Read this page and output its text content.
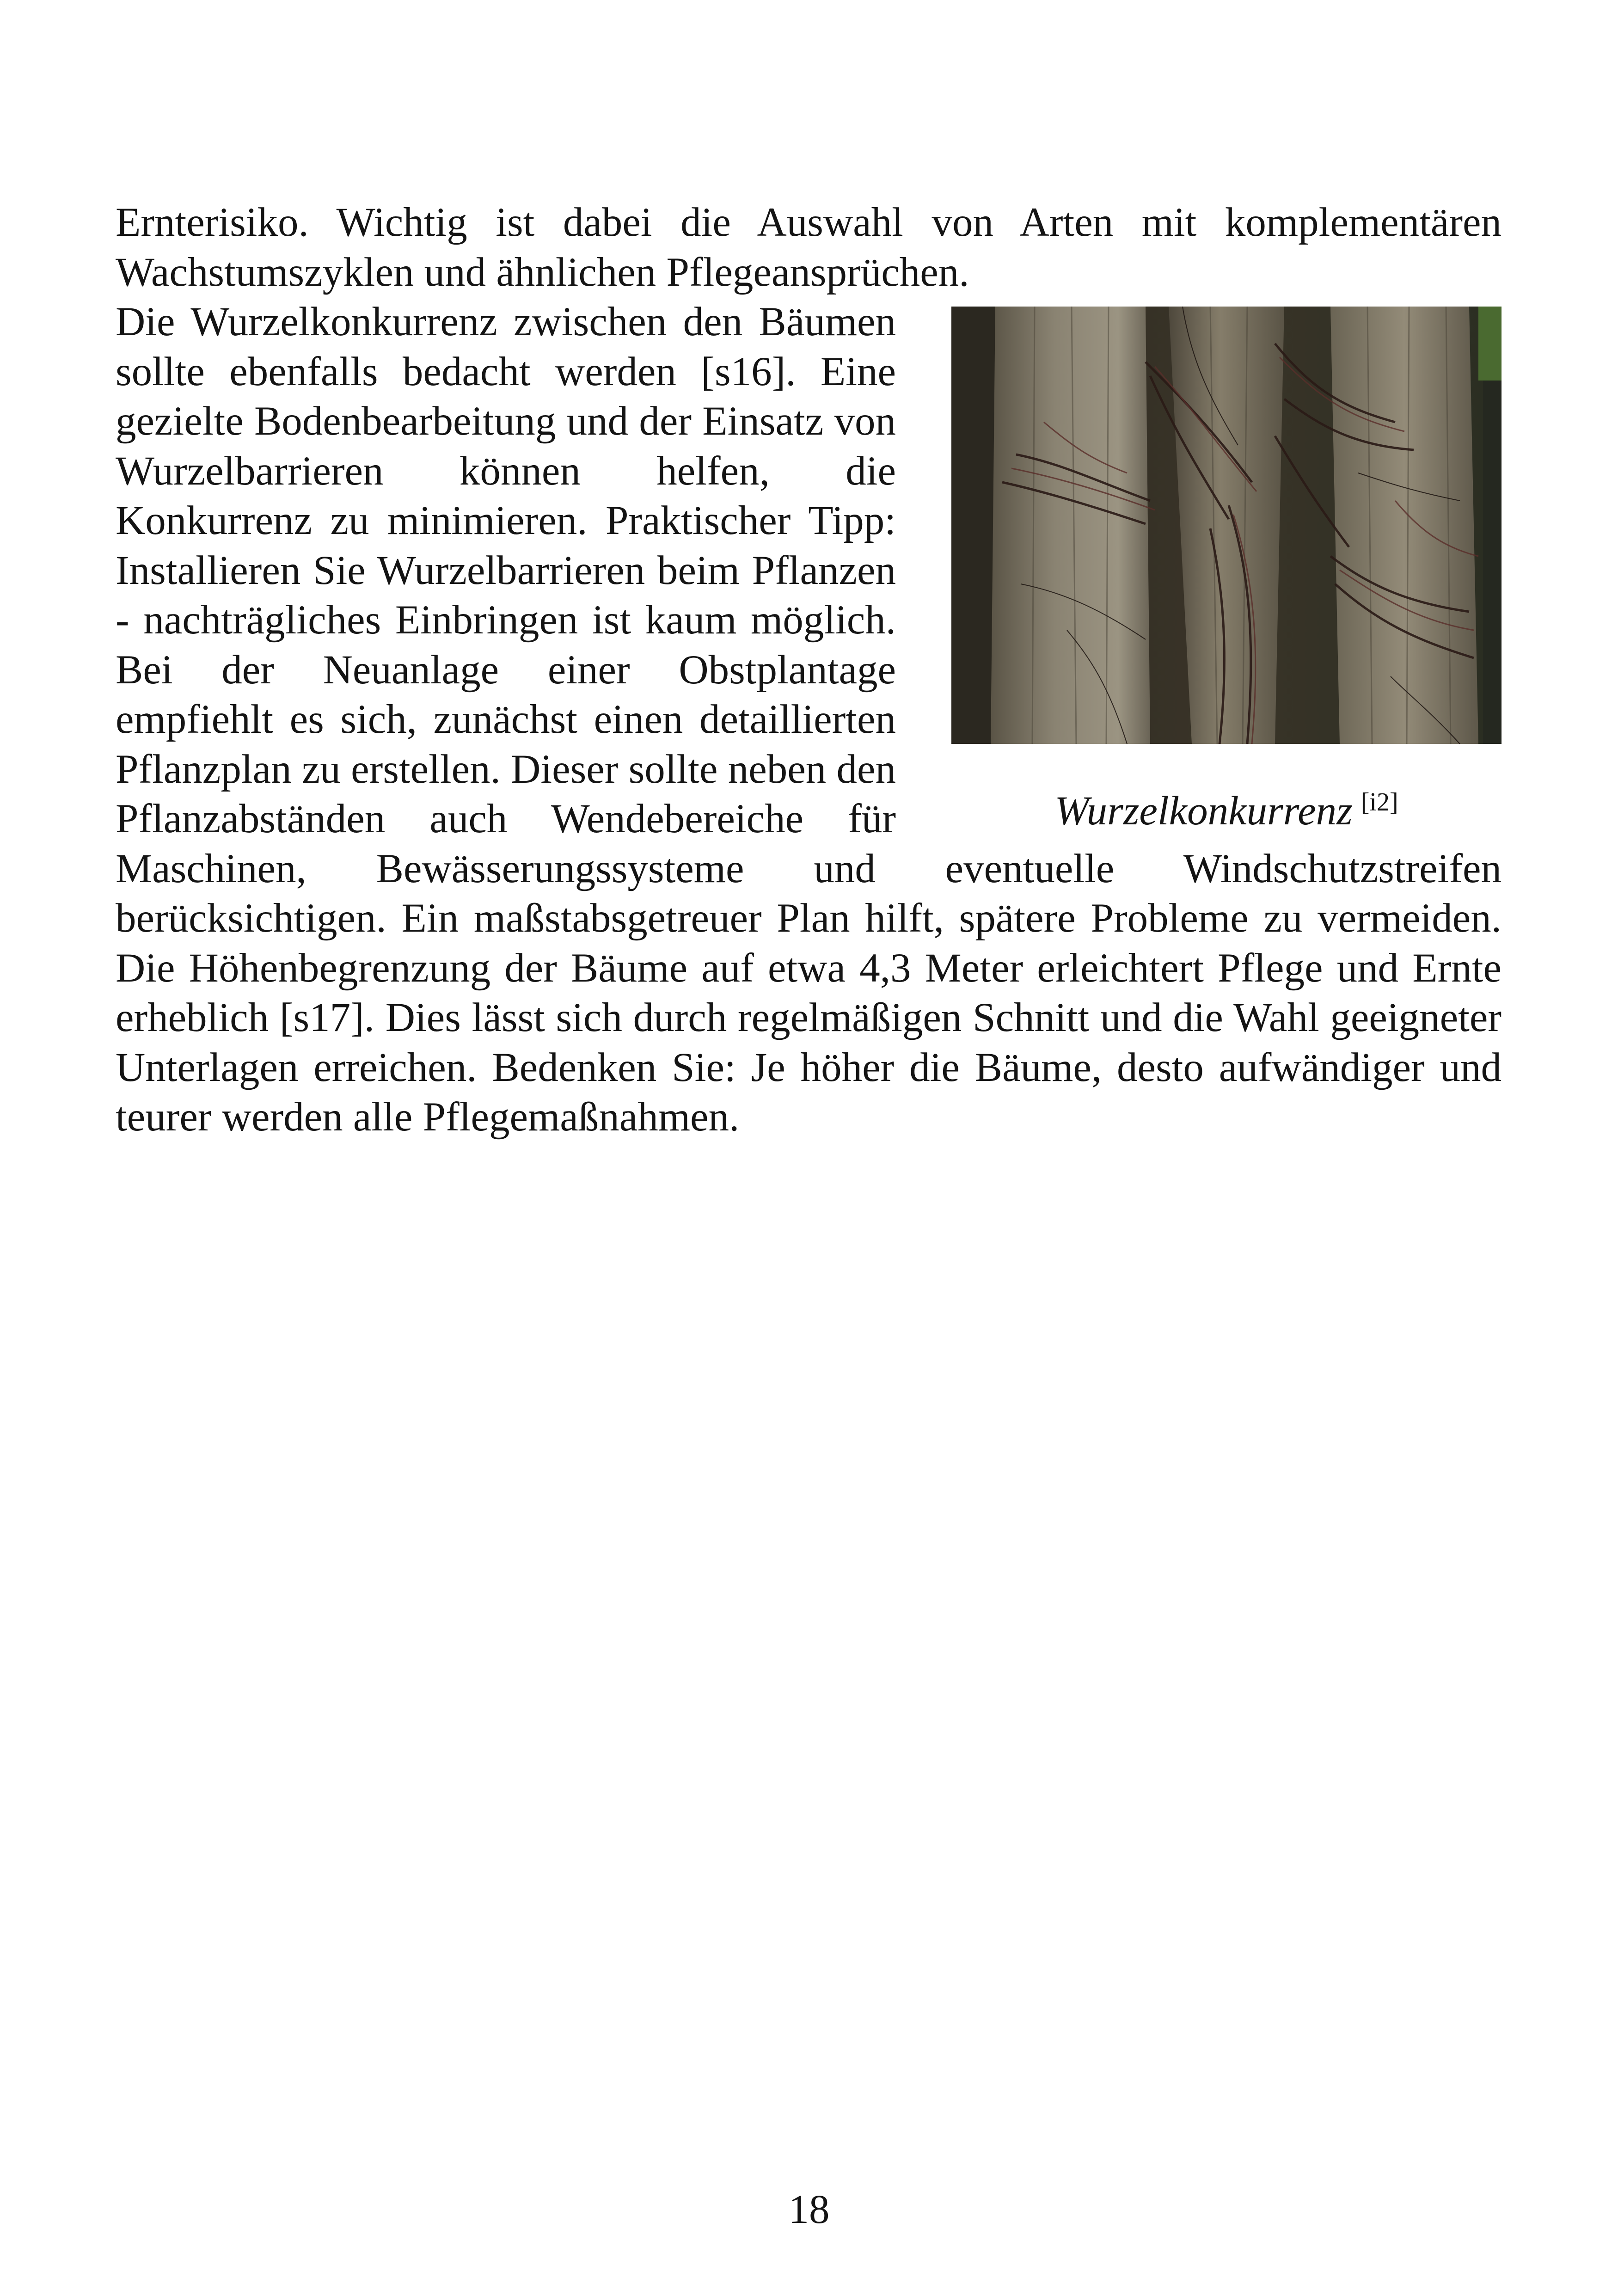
Ernterisiko. Wichtig ist dabei die Auswahl von Arten mit komplementären Wachstumszyklen und ähnlichen Pflegeansprüchen.

Wurzelkonkurrenz [i2]

Die Wurzelkonkurrenz zwischen den Bäumen sollte ebenfalls bedacht werden [s16]. Eine gezielte Bodenbearbeitung und der Einsatz von Wurzelbarrieren können helfen, die Konkurrenz zu minimieren. Praktischer Tipp: Installieren Sie Wurzelbarrieren beim Pflanzen - nachträgliches Einbringen ist kaum möglich. Bei der Neuanlage einer Obstplantage empfiehlt es sich, zunächst einen detaillierten Pflanzplan zu erstellen. Dieser sollte neben den Pflanzabständen auch Wendebereiche für Maschinen, Bewässerungssysteme und eventuelle Windschutzstreifen berücksichtigen. Ein maßstabsgetreuer Plan hilft, spätere Probleme zu vermeiden. Die Höhenbegrenzung der Bäume auf etwa 4,3 Meter erleichtert Pflege und Ernte erheblich [s17]. Dies lässt sich durch regelmäßigen Schnitt und die Wahl geeigneter Unterlagen erreichen. Bedenken Sie: Je höher die Bäume, desto aufwändiger und teurer werden alle Pflegemaßnahmen.

18
